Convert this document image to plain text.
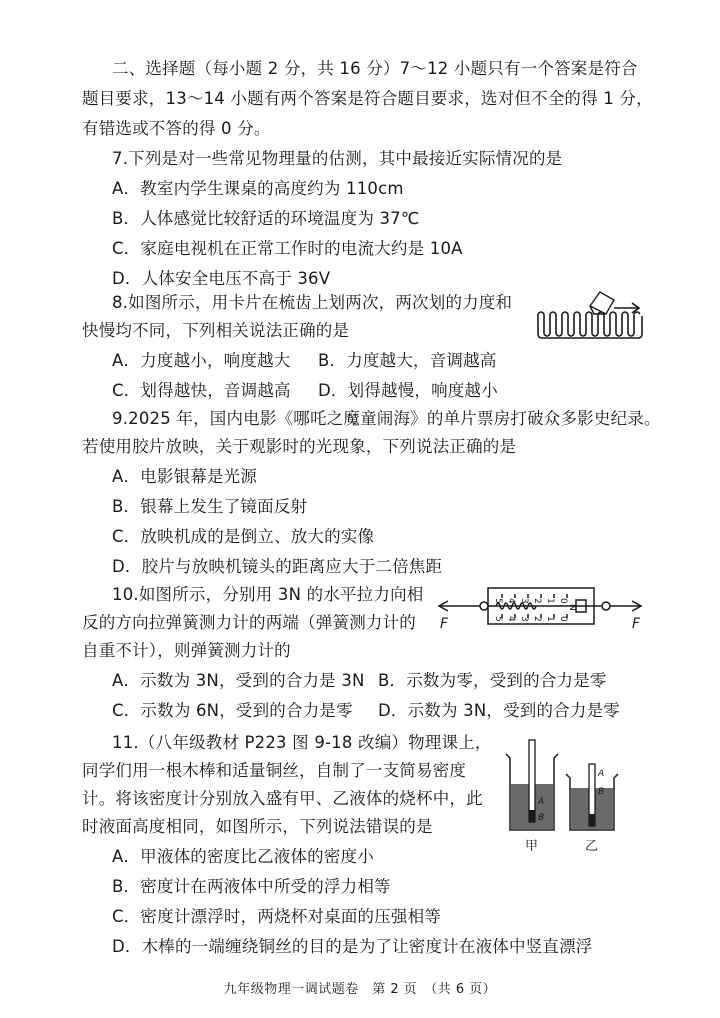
二、选择题（每小题 2 分，共 16 分）7～12 小题只有一个答案是符合
题目要求，13～14 小题有两个答案是符合题目要求，选对但不全的得 1 分，
有错选或不答的得 0 分。
7.下列是对一些常见物理量的估测，其中最接近实际情况的是
A．教室内学生课桌的高度约为 110cm
B．人体感觉比较舒适的环境温度为 37℃
C．家庭电视机在正常工作时的电流大约是 10A
D．人体安全电压不高于 36V
8.如图所示，用卡片在梳齿上划两次，两次划的力度和
快慢均不同，下列相关说法正确的是
A．力度越小，响度越大 B．力度越大，音调越高
C．划得越快，音调越高 D．划得越慢，响度越小
9.2025 年，国内电影《哪吒之魔童闹海》的单片票房打破众多影史纪录。
若使用胶片放映，关于观影时的光现象，下列说法正确的是
A．电影银幕是光源
B．银幕上发生了镜面反射
C．放映机成的是倒立、放大的实像
D．胶片与放映机镜头的距离应大于二倍焦距
10.如图所示，分别用 3N 的水平拉力向相
反的方向拉弹簧测力计的两端（弹簧测力计的
自重不计），则弹簧测力计的
A．示数为 3N，受到的合力是 3N B．示数为零，受到的合力是零
C．示数为 6N，受到的合力是零 D．示数为 3N，受到的合力是零
5 4 3 2 1 0
5 4 3 2 1 0
N
F	F
11.（八年级教材 P223 图 9-18 改编）物理课上，
同学们用一根木棒和适量铜丝，自制了一支简易密度
计。将该密度计分别放入盛有甲、乙液体的烧杯中，此
时液面高度相同，如图所示，下列说法错误的是
A．甲液体的密度比乙液体的密度小
B．密度计在两液体中所受的浮力相等
C．密度计漂浮时，两烧杯对桌面的压强相等
D．木棒的一端缠绕铜丝的目的是为了让密度计在液体中竖直漂浮
A
B
A
B
甲	乙
九年级物理一调试题卷　第 2 页　（共 6 页）
